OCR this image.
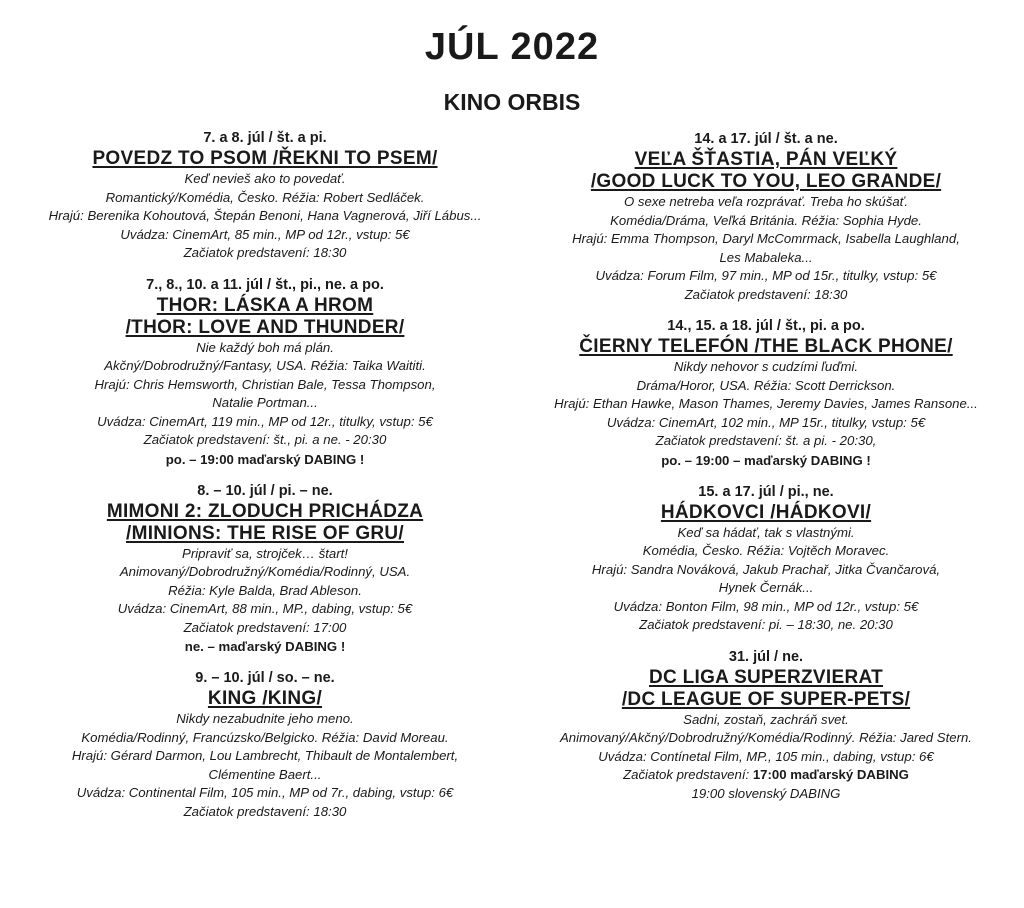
JÚL 2022
KINO ORBIS
7. a 8. júl / št. a pi.
POVEDZ TO PSOM /ŘEKNI TO PSEM/
Keď nevieš ako to povedať.
Romantický/Komédia, Česko. Réžia: Robert Sedláček.
Hrajú: Berenika Kohoutová, Štepán Benoni, Hana Vagnerová, Jiří Lábus...
Uvádza: CinemArt, 85 min., MP od 12r., vstup: 5€
Začiatok predstavení: 18:30
7., 8., 10. a 11. júl / št., pi., ne. a po.
THOR: LÁSKA A HROM
/THOR: LOVE AND THUNDER/
Nie každý boh má plán.
Akčný/Dobrodružný/Fantasy, USA. Réžia: Taika Waititi.
Hrajú: Chris Hemsworth, Christian Bale, Tessa Thompson,
Natalie Portman...
Uvádza: CinemArt, 119 min., MP od 12r., titulky, vstup: 5€
Začiatok predstavení: št., pi. a ne. - 20:30
po. – 19:00 maďarský DABING !
8. – 10. júl / pi. – ne.
MIMONI 2: ZLODUCH PRICHÁDZA
/MINIONS: THE RISE OF GRU/
Pripraviť sa, strojček… štart!
Animovaný/Dobrodružný/Komédia/Rodinný, USA.
Réžia: Kyle Balda, Brad Ableson.
Uvádza: CinemArt, 88 min., MP., dabing, vstup: 5€
Začiatok predstavení: 17:00
ne. – maďarský DABING !
9. – 10. júl / so. – ne.
KING /KING/
Nikdy nezabudnite jeho meno.
Komédia/Rodinný, Francúzsko/Belgicko. Réžia: David Moreau.
Hrajú: Gérard Darmon, Lou Lambrecht, Thibault de Montalembert,
Clémentine Baert...
Uvádza: Continental Film, 105 min., MP od 7r., dabing, vstup: 6€
Začiatok predstavení: 18:30
14. a 17. júl / št. a ne.
VEĽA ŠŤASTIA, PÁN VEĽKÝ
/GOOD LUCK TO YOU, LEO GRANDE/
O sexe netreba veľa rozprávať. Treba ho skúšať.
Komédia/Dráma, Veľká Británia. Réžia: Sophia Hyde.
Hrajú: Emma Thompson, Daryl McComrmack, Isabella Laughland,
Les Mabaleka...
Uvádza: Forum Film, 97 min., MP od 15r., titulky, vstup: 5€
Začiatok predstavení: 18:30
14., 15. a 18. júl / št., pi. a po.
ČIERNY TELEFÓN /THE BLACK PHONE/
Nikdy nehovor s cudzími ľuďmi.
Dráma/Horor, USA. Réžia: Scott Derrickson.
Hrajú: Ethan Hawke, Mason Thames, Jeremy Davies, James Ransone...
Uvádza: CinemArt, 102 min., MP 15r., titulky, vstup: 5€
Začiatok predstavení: št. a pi. - 20:30,
po. – 19:00 – maďarský DABING !
15. a 17. júl / pi., ne.
HÁDKOVCI /HÁDKOVI/
Keď sa hádať, tak s vlastnými.
Komédia, Česko. Réžia: Vojtěch Moravec.
Hrajú: Sandra Nováková, Jakub Prachař, Jitka Čvančarová,
Hynek Černák...
Uvádza: Bonton Film, 98 min., MP od 12r., vstup: 5€
Začiatok predstavení: pi. – 18:30, ne. 20:30
31. júl / ne.
DC LIGA SUPERZVIERAT
/DC LEAGUE OF SUPER-PETS/
Sadni, zostaň, zachráň svet.
Animovaný/Akčný/Dobrodružný/Komédia/Rodinný. Réžia: Jared Stern.
Uvádza: Contínetal Film, MP., 105 min., dabing, vstup: 6€
Začiatok predstavení: 17:00 maďarský DABING
19:00 slovenský DABING
